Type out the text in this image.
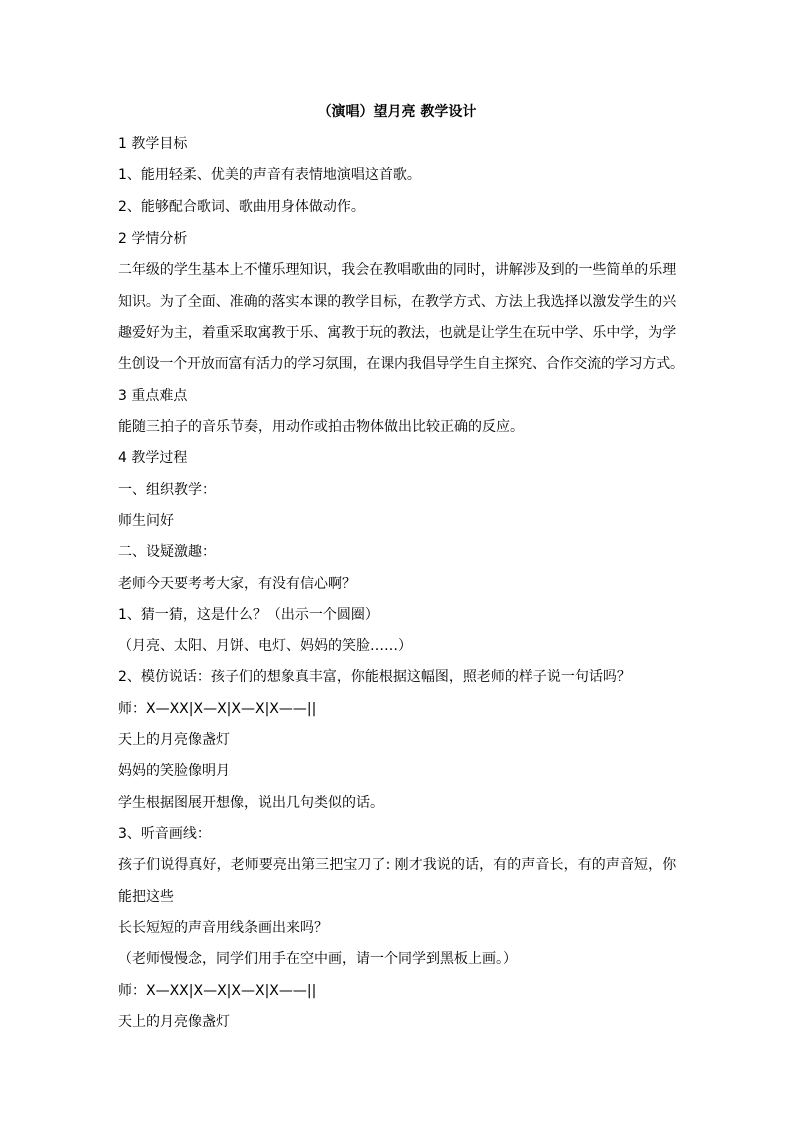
（演唱）望月亮 教学设计
1 教学目标
1、能用轻柔、优美的声音有表情地演唱这首歌。
2、能够配合歌词、歌曲用身体做动作。
2 学情分析
二年级的学生基本上不懂乐理知识，我会在教唱歌曲的同时，讲解涉及到的一些简单的乐理
知识。为了全面、准确的落实本课的教学目标，在教学方式、方法上我选择以激发学生的兴
趣爱好为主，着重采取寓教于乐、寓教于玩的教法，也就是让学生在玩中学、乐中学，为学
生创设一个开放而富有活力的学习氛围，在课内我倡导学生自主探究、合作交流的学习方式。
3 重点难点
能随三拍子的音乐节奏，用动作或拍击物体做出比较正确的反应。
4 教学过程
一、组织教学：
师生问好
二、设疑激趣：
老师今天要考考大家，有没有信心啊？
1、猜一猜，这是什么？（出示一个圆圈）
（月亮、太阳、月饼、电灯、妈妈的笑脸……）
2、模仿说话：孩子们的想象真丰富，你能根据这幅图，照老师的样子说一句话吗？
师：X—XX|X—X|X—X|X——||
天上的月亮像盏灯
妈妈的笑脸像明月
学生根据图展开想像，说出几句类似的话。
3、听音画线：
孩子们说得真好，老师要亮出第三把宝刀了: 刚才我说的话，有的声音长，有的声音短，你
能把这些
长长短短的声音用线条画出来吗？
（老师慢慢念，同学们用手在空中画，请一个同学到黑板上画。）
师：X—XX|X—X|X—X|X——||
天上的月亮像盏灯
